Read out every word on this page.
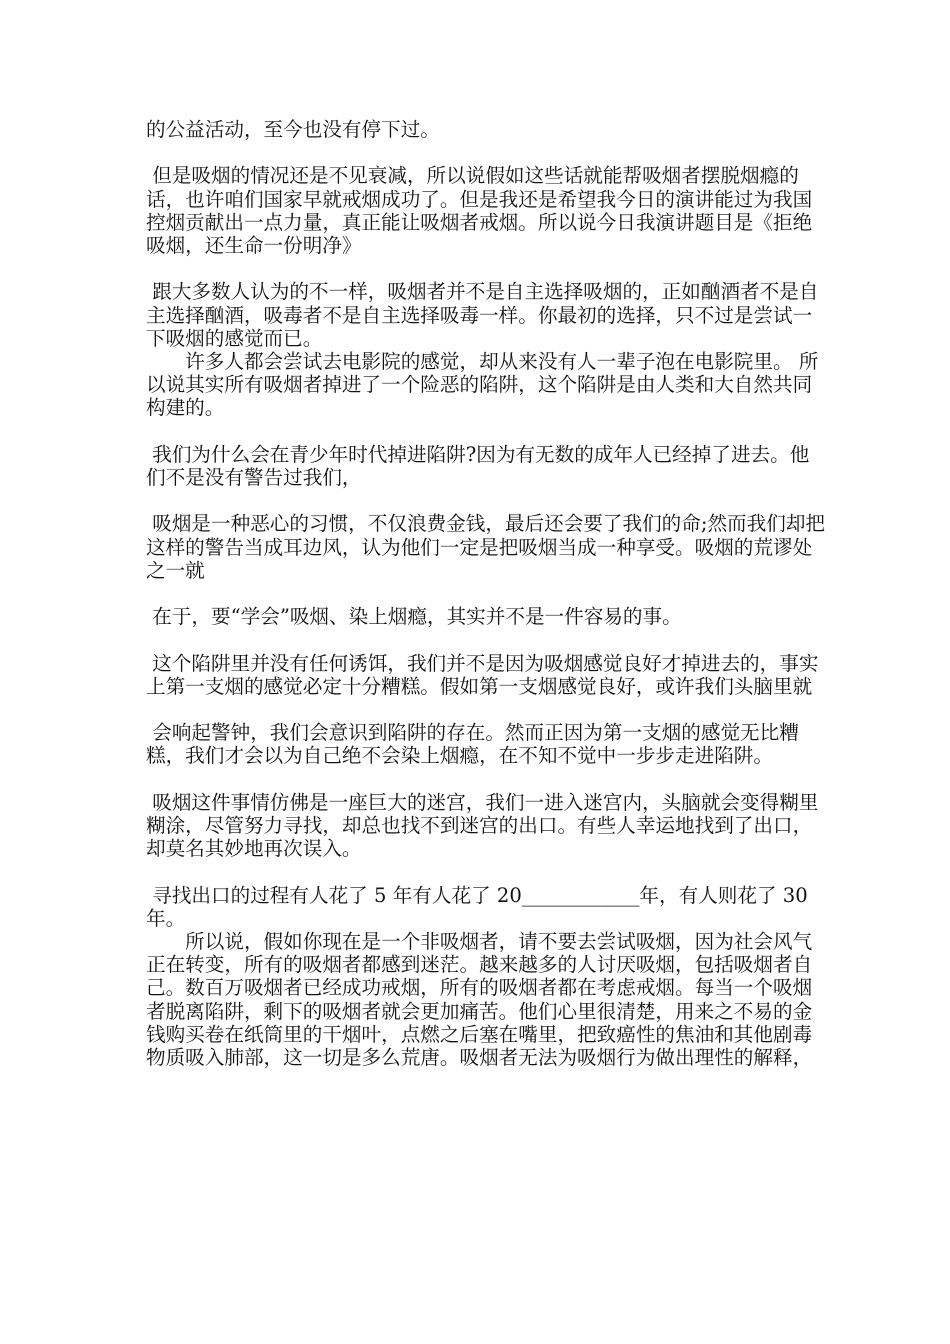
的公益活动，至今也没有停下过。

但是吸烟的情况还是不见衰减，所以说假如这些话就能帮吸烟者摆脱烟瘾的话，也许咱们国家早就戒烟成功了。但是我还是希望我今日的演讲能过为我国控烟贡献出一点力量，真正能让吸烟者戒烟。所以说今日我演讲题目是《拒绝吸烟，还生命一份明净》

跟大多数人认为的不一样，吸烟者并不是自主选择吸烟的，正如酗酒者不是自主选择酗酒，吸毒者不是自主选择吸毒一样。你最初的选择，只不过是尝试一下吸烟的感觉而已。

　　许多人都会尝试去电影院的感觉，却从来没有人一辈子泡在电影院里。 所以说其实所有吸烟者掉进了一个险恶的陷阱，这个陷阱是由人类和大自然共同构建的。

我们为什么会在青少年时代掉进陷阱?因为有无数的成年人已经掉了进去。他们不是没有警告过我们，

吸烟是一种恶心的习惯，不仅浪费金钱，最后还会要了我们的命;然而我们却把这样的警告当成耳边风，认为他们一定是把吸烟当成一种享受。吸烟的荒谬处之一就

在于，要“学会”吸烟、染上烟瘾，其实并不是一件容易的事。

这个陷阱里并没有任何诱饵，我们并不是因为吸烟感觉良好才掉进去的，事实上第一支烟的感觉必定十分糟糕。假如第一支烟感觉良好，或许我们头脑里就

会响起警钟，我们会意识到陷阱的存在。然而正因为第一支烟的感觉无比糟糕，我们才会以为自己绝不会染上烟瘾，在不知不觉中一步步走进陷阱。

吸烟这件事情仿佛是一座巨大的迷宫，我们一进入迷宫内，头脑就会变得糊里糊涂，尽管努力寻找，却总也找不到迷宫的出口。有些人幸运地找到了出口，却莫名其妙地再次误入。

寻找出口的过程有人花了 5 年有人花了 20____________年，有人则花了 30 年。

　　所以说，假如你现在是一个非吸烟者，请不要去尝试吸烟，因为社会风气正在转变，所有的吸烟者都感到迷茫。越来越多的人讨厌吸烟，包括吸烟者自己。数百万吸烟者已经成功戒烟，所有的吸烟者都在考虑戒烟。每当一个吸烟者脱离陷阱，剩下的吸烟者就会更加痛苦。他们心里很清楚，用来之不易的金钱购买卷在纸筒里的干烟叶，点燃之后塞在嘴里，把致癌性的焦油和其他剧毒物质吸入肺部，这一切是多么荒唐。吸烟者无法为吸烟行为做出理性的解释，
